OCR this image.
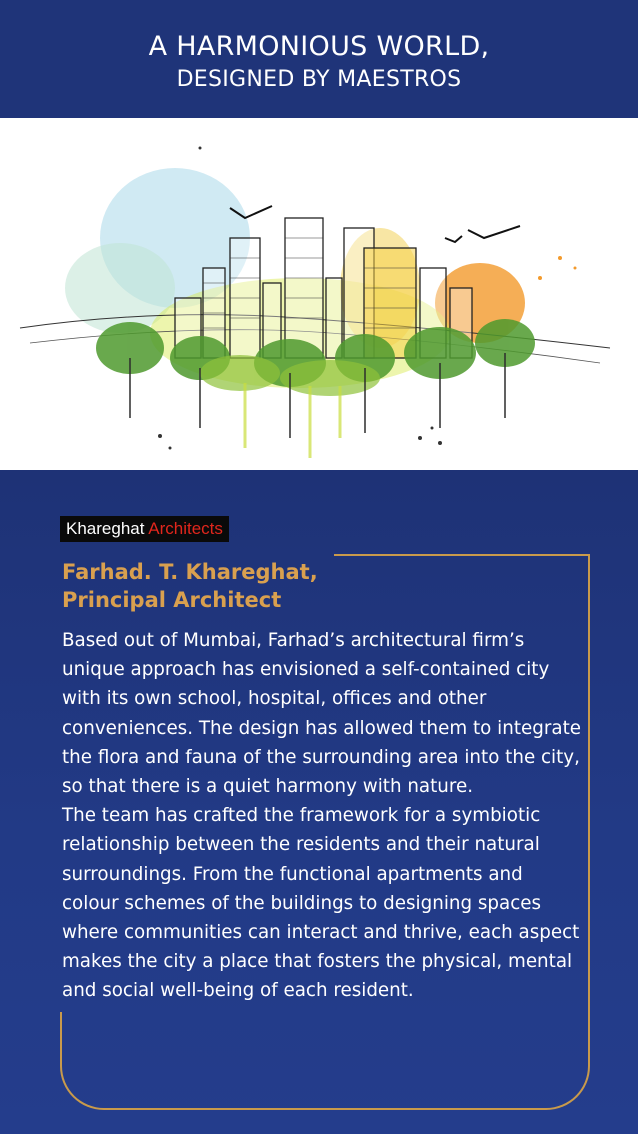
A HARMONIOUS WORLD,
DESIGNED BY MAESTROS
Khareghat Architects
Farhad. T. Khareghat,
Principal Architect

Based out of Mumbai, Farhad’s architectural firm’s unique approach has envisioned a self-contained city with its own school, hospital, offices and other conveniences. The design has allowed them to integrate the flora and fauna of the surrounding area into the city, so that there is a quiet harmony with nature.

The team has crafted the framework for a symbiotic relationship between the residents and their natural surroundings. From the functional apartments and colour schemes of the buildings to designing spaces where communities can interact and thrive, each aspect makes the city a place that fosters the physical, mental and social well-being of each resident.
